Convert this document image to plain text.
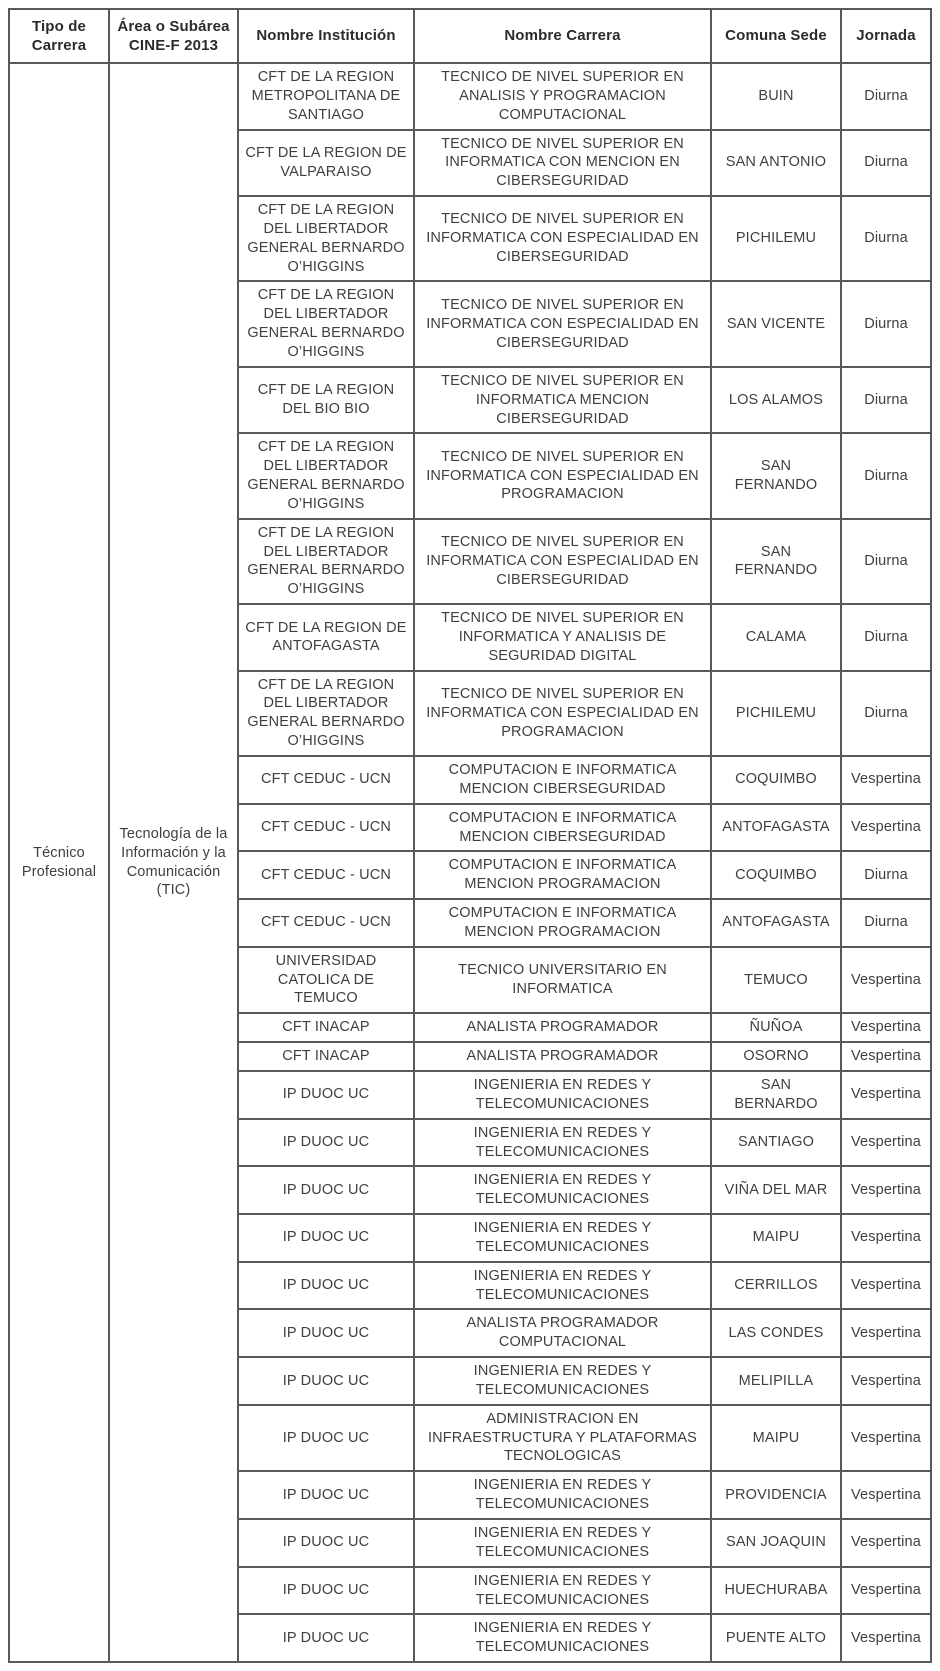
Tipo de Carrera	Área o Subárea CINE-F 2013	Nombre Institución	Nombre Carrera	Comuna Sede	Jornada
Técnico Profesional	Tecnología de la Información y la Comunicación (TIC)	CFT DE LA REGION METROPOLITANA DE SANTIAGO	TECNICO DE NIVEL SUPERIOR EN ANALISIS Y PROGRAMACION COMPUTACIONAL	BUIN	Diurna
		CFT DE LA REGION DE VALPARAISO	TECNICO DE NIVEL SUPERIOR EN INFORMATICA CON MENCION EN CIBERSEGURIDAD	SAN ANTONIO	Diurna
		CFT DE LA REGION DEL LIBERTADOR GENERAL BERNARDO O’HIGGINS	TECNICO DE NIVEL SUPERIOR EN INFORMATICA CON ESPECIALIDAD EN CIBERSEGURIDAD	PICHILEMU	Diurna
		CFT DE LA REGION DEL LIBERTADOR GENERAL BERNARDO O’HIGGINS	TECNICO DE NIVEL SUPERIOR EN INFORMATICA CON ESPECIALIDAD EN CIBERSEGURIDAD	SAN VICENTE	Diurna
		CFT DE LA REGION DEL BIO BIO	TECNICO DE NIVEL SUPERIOR EN INFORMATICA MENCION CIBERSEGURIDAD	LOS ALAMOS	Diurna
		CFT DE LA REGION DEL LIBERTADOR GENERAL BERNARDO O’HIGGINS	TECNICO DE NIVEL SUPERIOR EN INFORMATICA CON ESPECIALIDAD EN PROGRAMACION	SAN FERNANDO	Diurna
		CFT DE LA REGION DEL LIBERTADOR GENERAL BERNARDO O’HIGGINS	TECNICO DE NIVEL SUPERIOR EN INFORMATICA CON ESPECIALIDAD EN CIBERSEGURIDAD	SAN FERNANDO	Diurna
		CFT DE LA REGION DE ANTOFAGASTA	TECNICO DE NIVEL SUPERIOR EN INFORMATICA Y ANALISIS DE SEGURIDAD DIGITAL	CALAMA	Diurna
		CFT DE LA REGION DEL LIBERTADOR GENERAL BERNARDO O’HIGGINS	TECNICO DE NIVEL SUPERIOR EN INFORMATICA CON ESPECIALIDAD EN PROGRAMACION	PICHILEMU	Diurna
		CFT CEDUC - UCN	COMPUTACION E INFORMATICA MENCION CIBERSEGURIDAD	COQUIMBO	Vespertina
		CFT CEDUC - UCN	COMPUTACION E INFORMATICA MENCION CIBERSEGURIDAD	ANTOFAGASTA	Vespertina
		CFT CEDUC - UCN	COMPUTACION E INFORMATICA MENCION PROGRAMACION	COQUIMBO	Diurna
		CFT CEDUC - UCN	COMPUTACION E INFORMATICA MENCION PROGRAMACION	ANTOFAGASTA	Diurna
		UNIVERSIDAD CATOLICA DE TEMUCO	TECNICO UNIVERSITARIO EN INFORMATICA	TEMUCO	Vespertina
		CFT INACAP	ANALISTA PROGRAMADOR	ÑUÑOA	Vespertina
		CFT INACAP	ANALISTA PROGRAMADOR	OSORNO	Vespertina
		IP DUOC UC	INGENIERIA EN REDES Y TELECOMUNICACIONES	SAN BERNARDO	Vespertina
		IP DUOC UC	INGENIERIA EN REDES Y TELECOMUNICACIONES	SANTIAGO	Vespertina
		IP DUOC UC	INGENIERIA EN REDES Y TELECOMUNICACIONES	VIÑA DEL MAR	Vespertina
		IP DUOC UC	INGENIERIA EN REDES Y TELECOMUNICACIONES	MAIPU	Vespertina
		IP DUOC UC	INGENIERIA EN REDES Y TELECOMUNICACIONES	CERRILLOS	Vespertina
		IP DUOC UC	ANALISTA PROGRAMADOR COMPUTACIONAL	LAS CONDES	Vespertina
		IP DUOC UC	INGENIERIA EN REDES Y TELECOMUNICACIONES	MELIPILLA	Vespertina
		IP DUOC UC	ADMINISTRACION EN INFRAESTRUCTURA Y PLATAFORMAS TECNOLOGICAS	MAIPU	Vespertina
		IP DUOC UC	INGENIERIA EN REDES Y TELECOMUNICACIONES	PROVIDENCIA	Vespertina
		IP DUOC UC	INGENIERIA EN REDES Y TELECOMUNICACIONES	SAN JOAQUIN	Vespertina
		IP DUOC UC	INGENIERIA EN REDES Y TELECOMUNICACIONES	HUECHURABA	Vespertina
		IP DUOC UC	INGENIERIA EN REDES Y TELECOMUNICACIONES	PUENTE ALTO	Vespertina
